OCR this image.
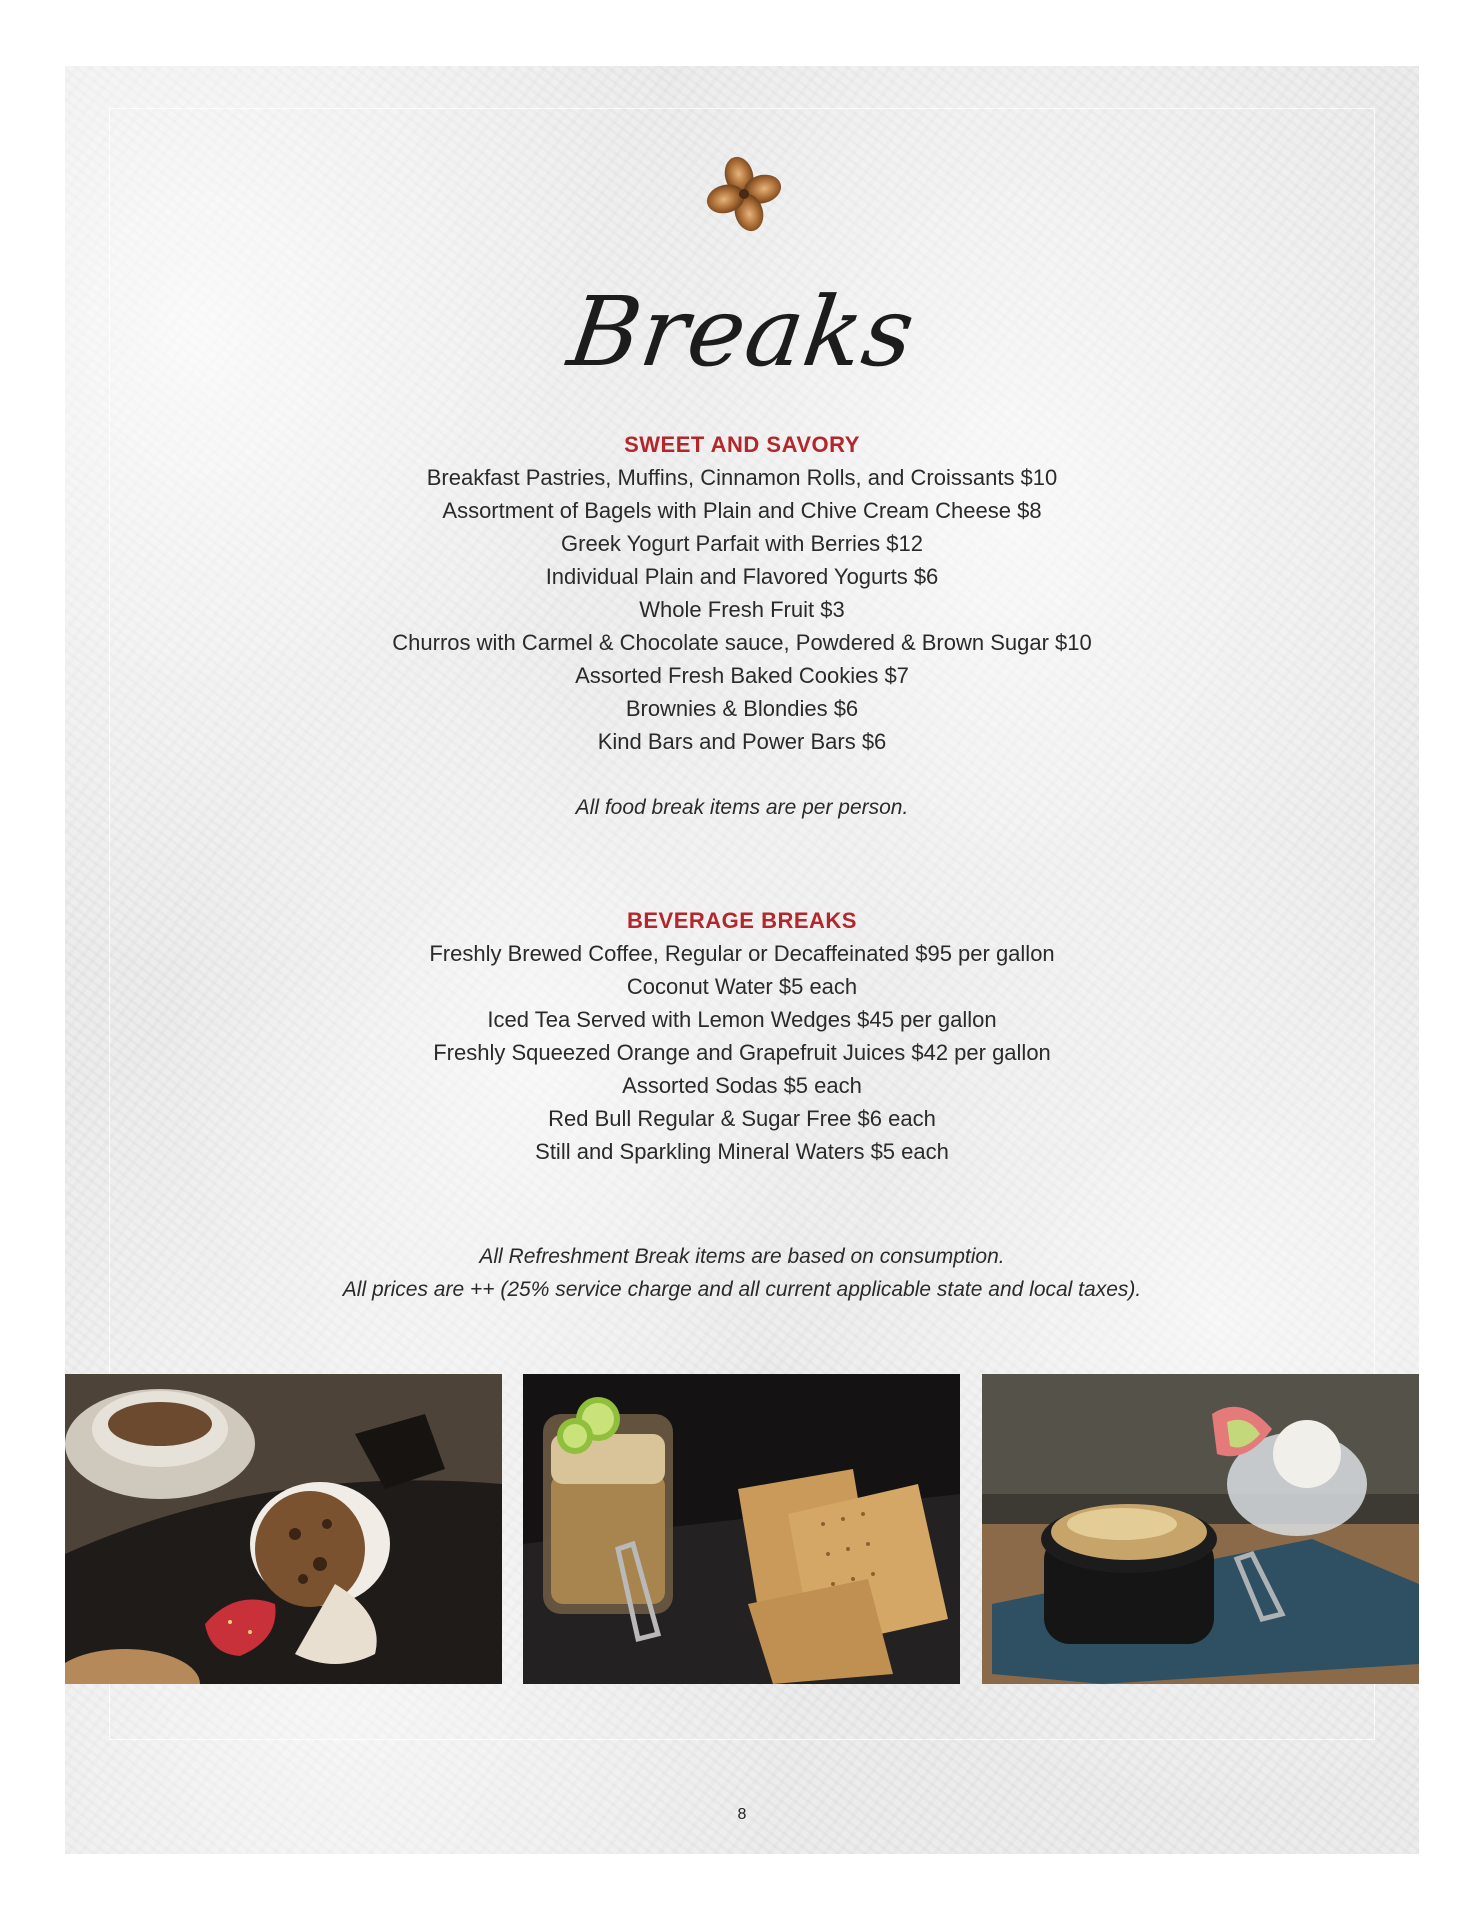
Breaks
SWEET AND SAVORY
Breakfast Pastries, Muffins, Cinnamon Rolls, and Croissants $10
Assortment of Bagels with Plain and Chive Cream Cheese $8
Greek Yogurt Parfait with Berries $12
Individual Plain and Flavored Yogurts $6
Whole Fresh Fruit $3
Churros with Carmel & Chocolate sauce, Powdered & Brown Sugar $10
Assorted Fresh Baked Cookies $7
Brownies & Blondies $6
Kind Bars and Power Bars $6
All food break items are per person.
BEVERAGE BREAKS
Freshly Brewed Coffee, Regular or Decaffeinated $95 per gallon
Coconut Water $5 each
Iced Tea Served with Lemon Wedges $45 per gallon
Freshly Squeezed Orange and Grapefruit Juices $42 per gallon
Assorted Sodas $5 each
Red Bull Regular & Sugar Free $6 each
Still and Sparkling Mineral Waters $5 each
All Refreshment Break items are based on consumption.
All prices are ++ (25% service charge and all current applicable state and local taxes).
8
